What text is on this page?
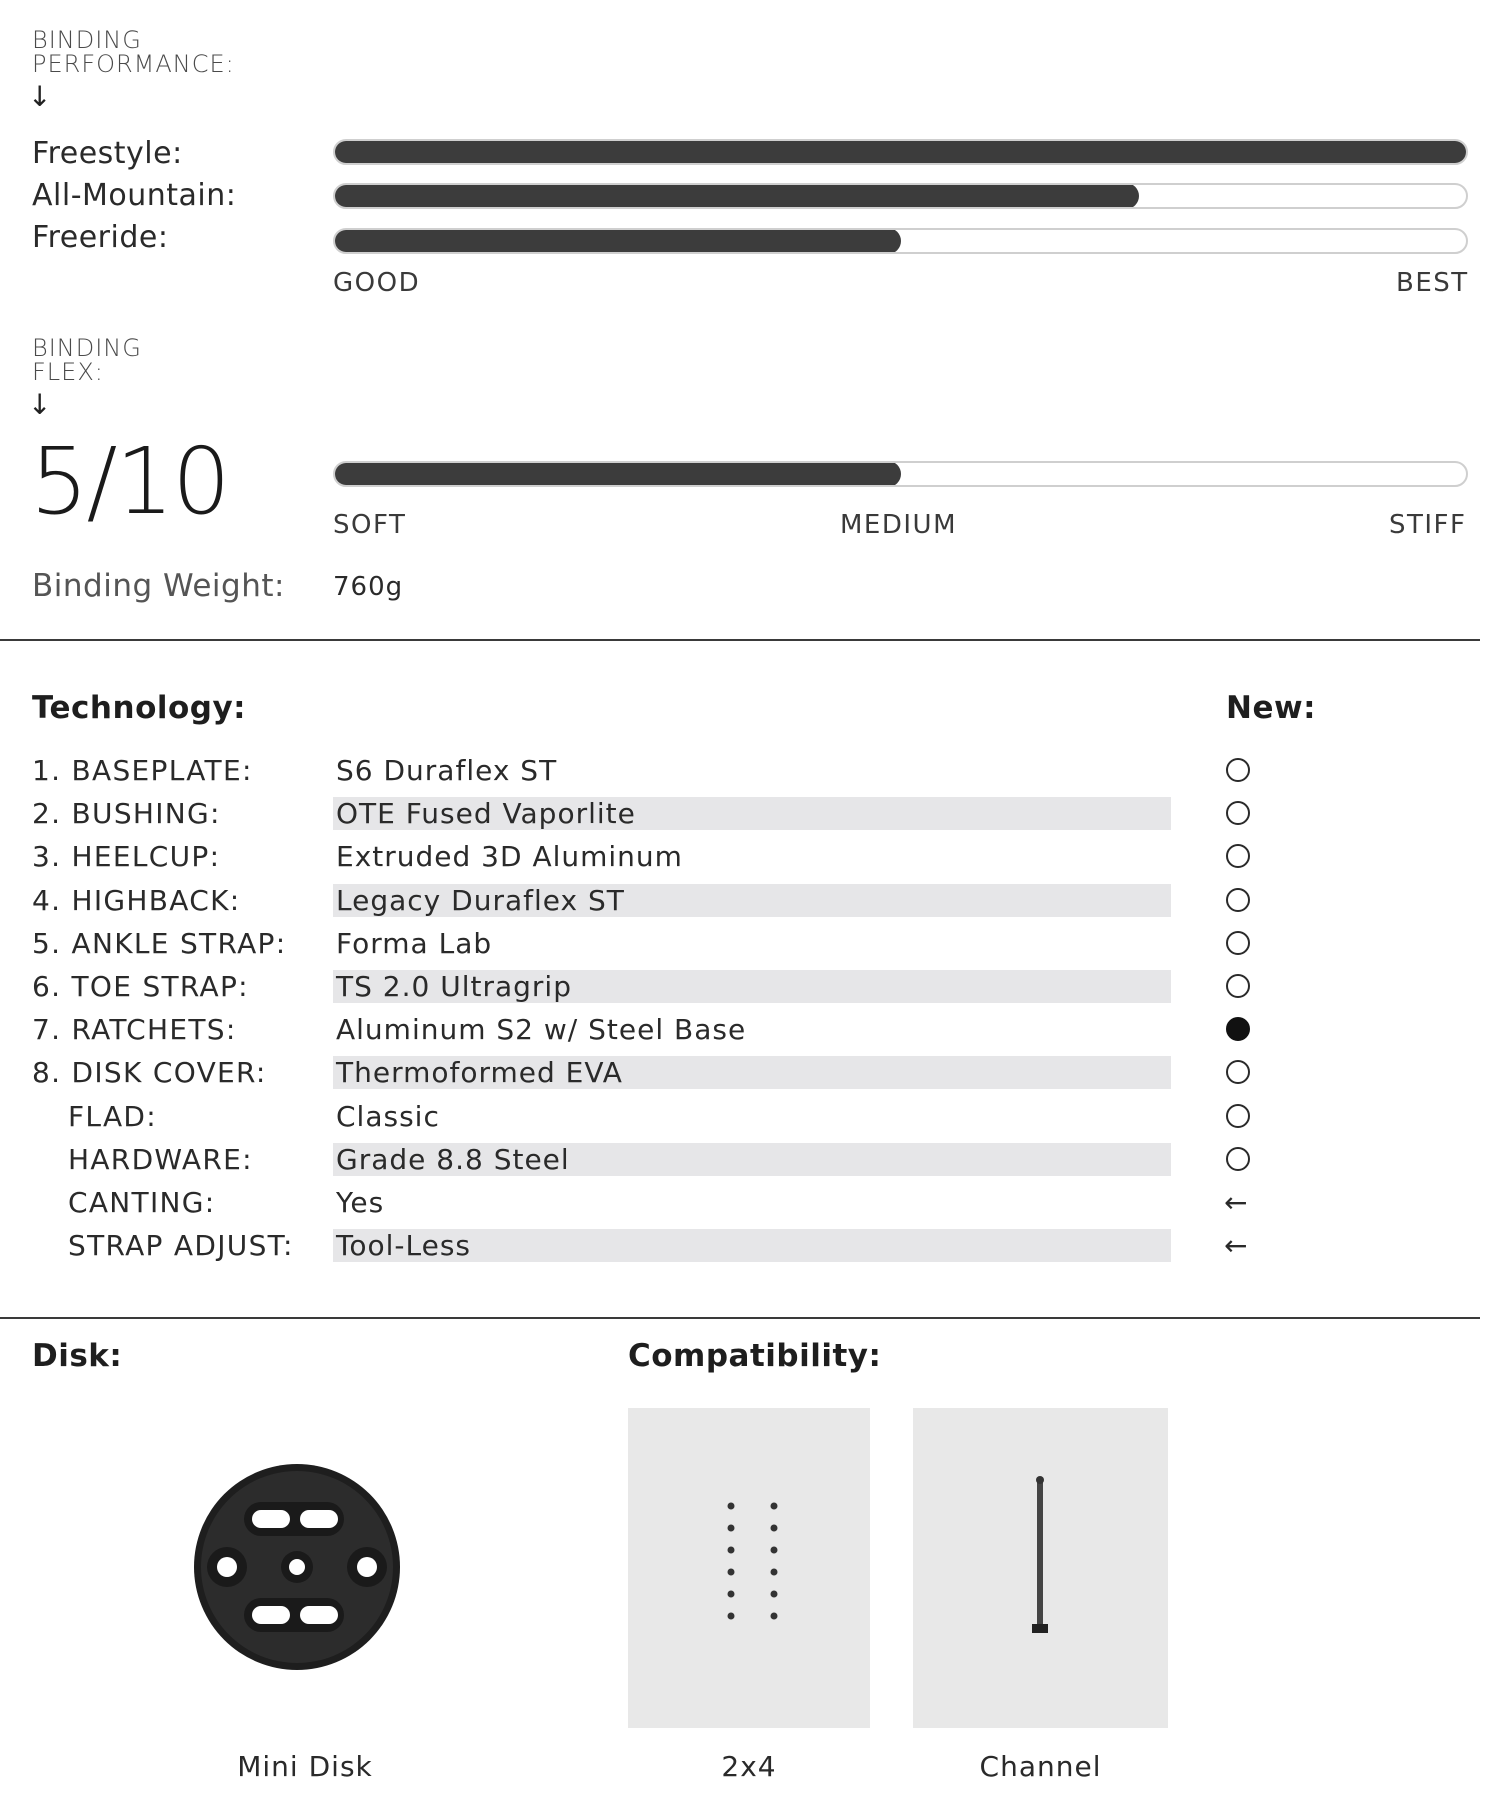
BINDING
PERFORMANCE:
↓
Freestyle:
All-Mountain:
Freeride:
GOOD	BEST
BINDING
FLEX:
↓
5/10	SOFT	MEDIUM	STIFF
Binding Weight: 760g
Technology:	New:
1. BASEPLATE:	S6 Duraflex ST
2. BUSHING:	OTE Fused Vaporlite
3. HEELCUP:	Extruded 3D Aluminum
4. HIGHBACK:	Legacy Duraflex ST
5. ANKLE STRAP: Forma Lab
6. TOE STRAP:	TS 2.0 Ultragrip
7. RATCHETS:	Aluminum S2 w/ Steel Base
8. DISK COVER: Thermoformed EVA
FLAD:	Classic
HARDWARE:	Grade 8.8 Steel
CANTING:	Yes	←
STRAP ADJUST: Tool-Less	←
Disk:
Mini Disk
Compatibility:
2x4	Channel
